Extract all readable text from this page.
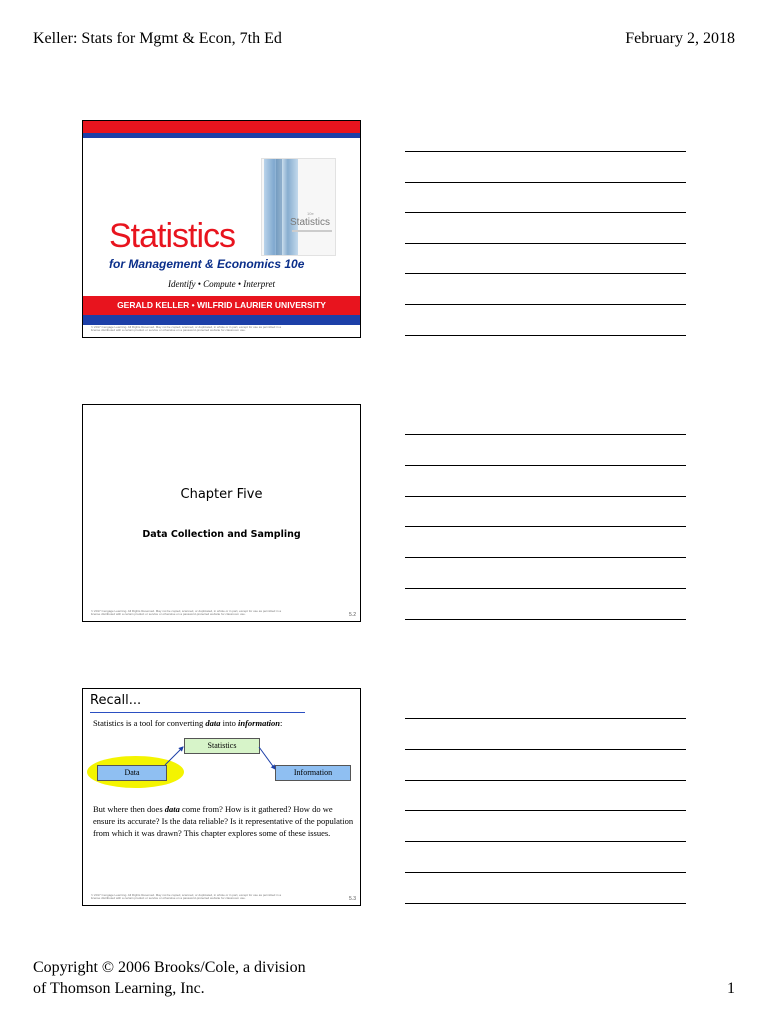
Keller: Stats for Mgmt & Econ, 7th Ed	February 2, 2018
10e
Statistics
Statistics
for Management & Economics 10e
Identify • Compute • Interpret
GERALD KELLER • WILFRID LAURIER UNIVERSITY
© 2017 Cengage Learning. All Rights Reserved. May not be copied, scanned, or duplicated, in whole or in part, except for use as permitted in a
license distributed with a certain product or service or otherwise on a password-protected website for classroom use.
Chapter Five
Data Collection and Sampling
© 2017 Cengage Learning. All Rights Reserved. May not be copied, scanned, or duplicated, in whole or in part, except for use as permitted in a
license distributed with a certain product or service or otherwise on a password-protected website for classroom use.	5.2
Recall...
Statistics is a tool for converting data into information:
Statistics
Data	Information
But where then does data come from? How is it gathered? How do we ensure its accurate? Is the data reliable? Is it representative of the population from which it was drawn? This chapter explores some of these issues.
© 2017 Cengage Learning. All Rights Reserved. May not be copied, scanned, or duplicated, in whole or in part, except for use as permitted in a
license distributed with a certain product or service or otherwise on a password-protected website for classroom use.	5.3
Copyright © 2006 Brooks/Cole, a division
of Thomson Learning, Inc.	1
